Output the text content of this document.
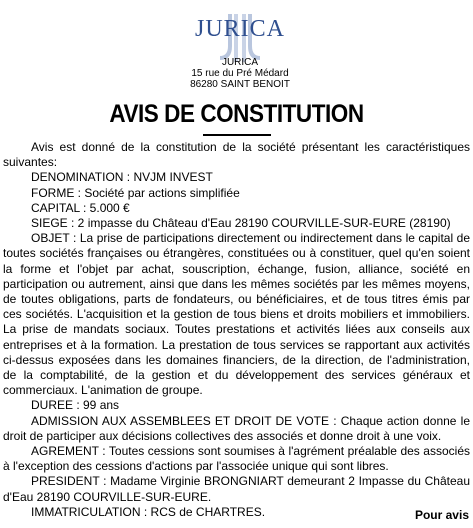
JURICA
JURICA
15 rue du Pré Médard
86280 SAINT BENOIT
AVIS DE CONSTITUTION

Avis est donné de la constitution de la société présentant les caractéristiques suivantes:

DENOMINATION : NVJM INVEST

FORME : Société par actions simplifiée

CAPITAL : 5.000 €

SIEGE : 2 impasse du Château d'Eau 28190 COURVILLE-SUR-EURE (28190)

OBJET : La prise de participations directement ou indirectement dans le capital de toutes sociétés françaises ou étrangères, constituées ou à constituer, quel qu'en soient la forme et l'objet par achat, souscription, échange, fusion, alliance, société en participation ou autrement, ainsi que dans les mêmes sociétés par les mêmes moyens, de toutes obligations, parts de fondateurs, ou bénéficiaires, et de tous titres émis par ces sociétés. L'acquisition et la gestion de tous biens et droits mobiliers et immobiliers. La prise de mandats sociaux. Toutes prestations et activités liées aux conseils aux entreprises et à la formation. La prestation de tous services se rapportant aux activités ci-dessus exposées dans les domaines financiers, de la direction, de l'administration, de la comptabilité, de la gestion et du développement des services généraux et commerciaux. L'animation de groupe.

DUREE : 99 ans

ADMISSION AUX ASSEMBLEES ET DROIT DE VOTE : Chaque action donne le droit de participer aux décisions collectives des associés et donne droit à une voix.

AGREMENT : Toutes cessions sont soumises à l'agrément préalable des associés à l'exception des cessions d'actions par l'associée unique qui sont libres.

PRESIDENT : Madame Virginie BRONGNIART demeurant 2 Impasse du Château d'Eau 28190 COURVILLE-SUR-EURE.

IMMATRICULATION : RCS de CHARTRES.	Pour avis
